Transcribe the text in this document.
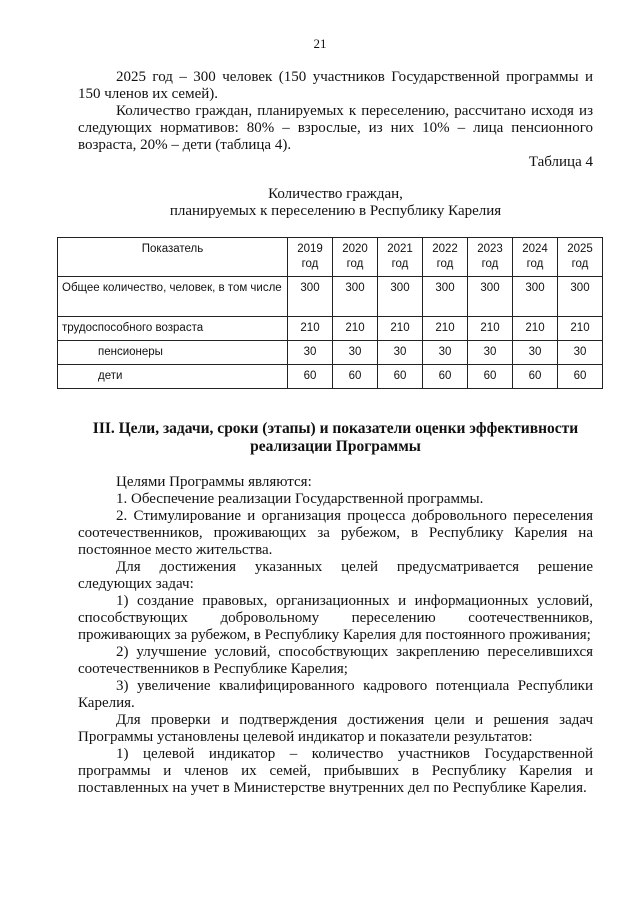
21

2025 год – 300 человек (150 участников Государственной программы и 150 членов их семей).

Количество граждан, планируемых к переселению, рассчитано исходя из следующих нормативов: 80% – взрослые, из них 10% – лица пенсионного возраста, 20% – дети (таблица 4).

Таблица 4

Количество граждан,
планируемых к переселению в Республику Карелия
Показатель	2019 год	2020 год	2021 год	2022 год	2023 год	2024 год	2025 год
Общее количество, человек, в том числе	300	300	300	300	300	300	300
трудоспособного возраста	210	210	210	210	210	210	210
пенсионеры	30	30	30	30	30	30	30
дети	60	60	60	60	60	60	60
III. Цели, задачи, сроки (этапы) и показатели оценки эффективности реализации Программы

Целями Программы являются:

1. Обеспечение реализации Государственной программы.

2. Стимулирование и организация процесса добровольного переселения соотечественников, проживающих за рубежом, в Республику Карелия на постоянное место жительства.

Для достижения указанных целей предусматривается решение следующих задач:

1) создание правовых, организационных и информационных условий, способствующих добровольному переселению соотечественников, проживающих за рубежом, в Республику Карелия для постоянного проживания;

2) улучшение условий, способствующих закреплению переселившихся соотечественников в Республике Карелия;

3) увеличение квалифицированного кадрового потенциала Республики Карелия.

Для проверки и подтверждения достижения цели и решения задач Программы установлены целевой индикатор и показатели результатов:

1) целевой индикатор – количество участников Государственной программы и членов их семей, прибывших в Республику Карелия и поставленных на учет в Министерстве внутренних дел по Республике Карелия.
